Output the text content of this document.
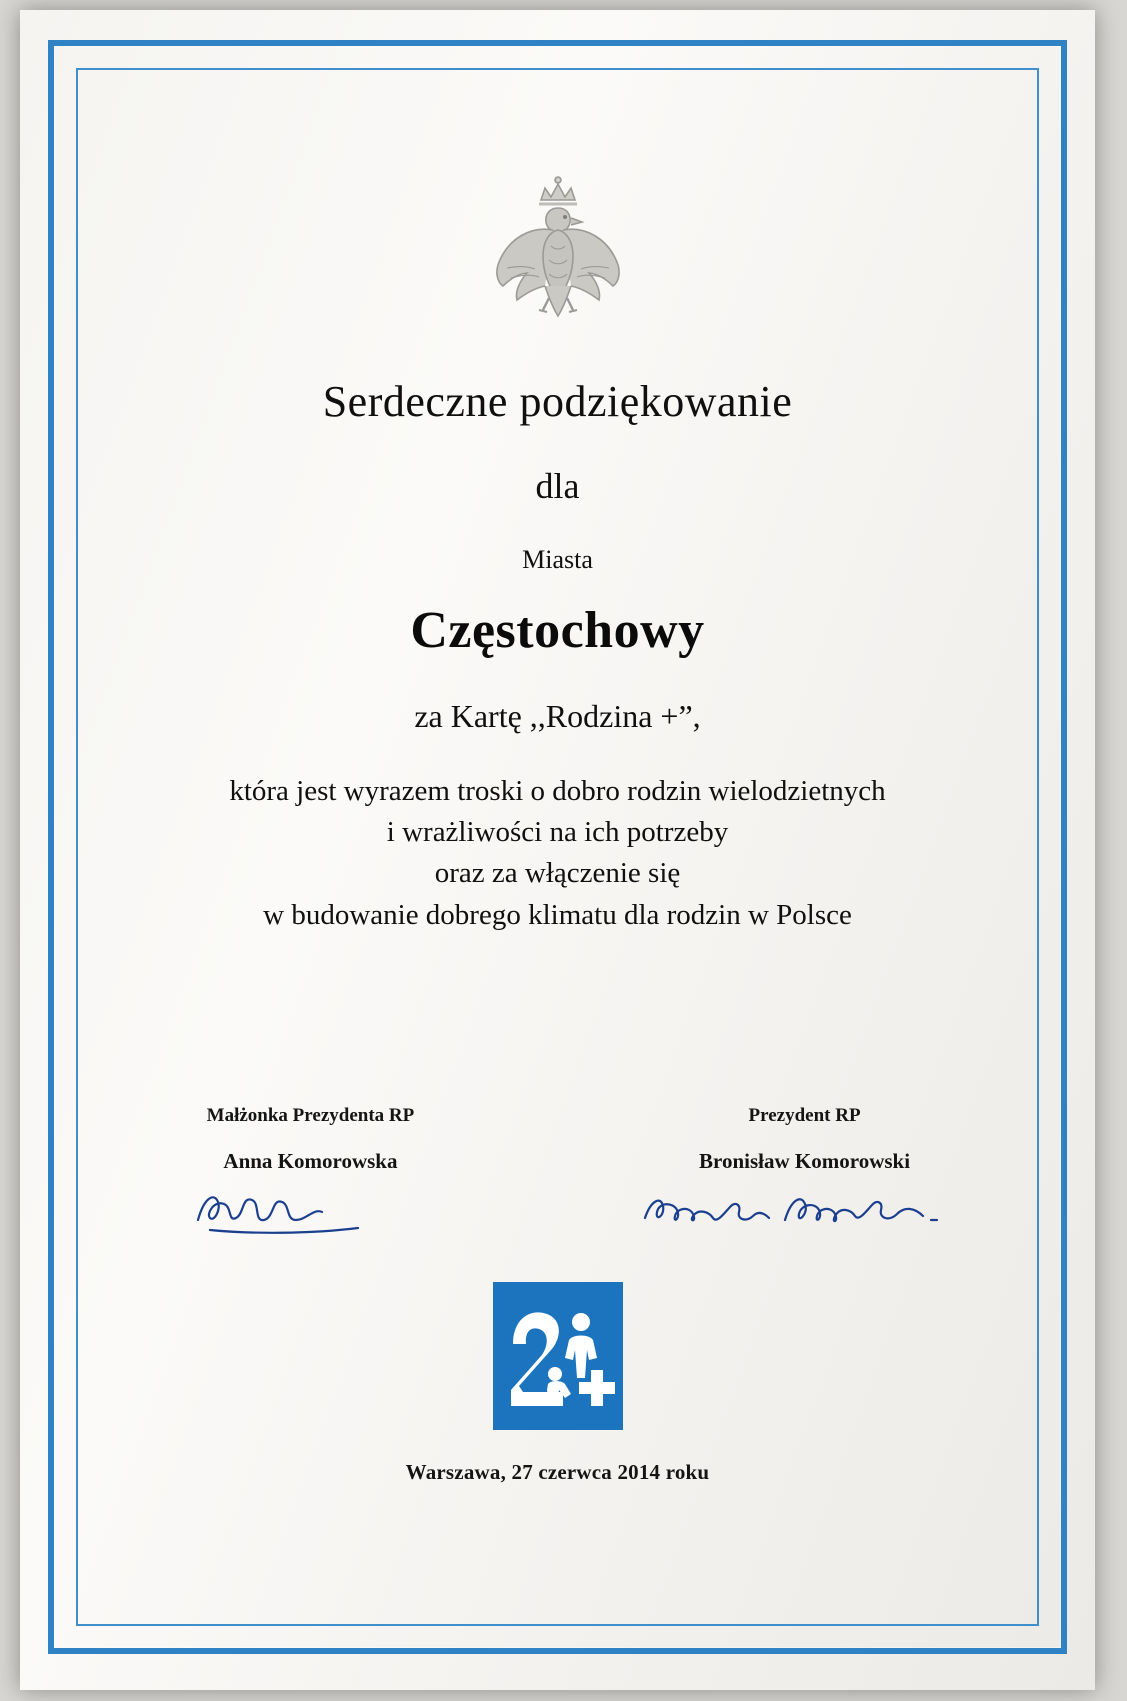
Serdeczne podziękowanie
dla
Miasta
Częstochowy
za Kartę ,,Rodzina +”,
która jest wyrazem troski o dobro rodzin wielodzietnych
i wrażliwości na ich potrzeby
oraz za włączenie się
w budowanie dobrego klimatu dla rodzin w Polsce
Małżonka Prezydenta RP
Anna Komorowska
Prezydent RP
Bronisław Komorowski
Warszawa, 27 czerwca 2014 roku
